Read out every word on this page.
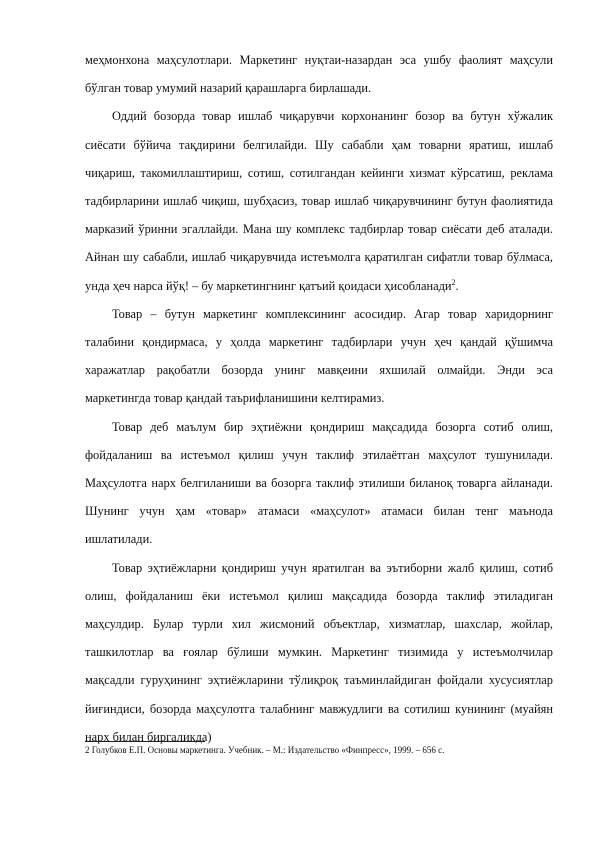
меҳмонхона маҳсулотлари. Маркетинг нуқтаи-назардан эса ушбу фаолият маҳсули бўлган товар умумий назарий қарашларга бирлашади.

Оддий бозорда товар ишлаб чиқарувчи корхонанинг бозор ва бутун хўжалик сиёсати бўйича тақдирини белгилайди. Шу сабабли ҳам товарни яратиш, ишлаб чиқариш, такомиллаштириш, сотиш, сотилгандан кейинги хизмат кўрсатиш, реклама тадбирларини ишлаб чиқиш, шубҳасиз, товар ишлаб чиқарувчининг бутун фаолиятида марказий ўринни эгаллайди. Мана шу комплекс тадбирлар товар сиёсати деб аталади. Айнан шу сабабли, ишлаб чиқарувчида истеъмолга қаратилган сифатли товар бўлмаса, унда ҳеч нарса йўқ! – бу маркетингнинг қатъий қоидаси ҳисобланади$^2$.

Товар – бутун маркетинг комплексининг асосидир. Агар товар харидорнинг талабини қондирмаса, у ҳолда маркетинг тадбирлари учун ҳеч қандай қўшимча харажатлар рақобатли бозорда унинг мавқеини яхшилай олмайди. Энди эса маркетингда товар қандай таърифланишини келтирамиз.

Товар деб маълум бир эҳтиёжни қондириш мақсадида бозорга сотиб олиш, фойдаланиш ва истеъмол қилиш учун таклиф этилаётган маҳсулот тушунилади. Маҳсулотга нарх белгиланиши ва бозорга таклиф этилиши биланоқ товарга айланади. Шунинг учун ҳам «товар» атамаси «маҳсулот» атамаси билан тенг маънода ишлатилади.

Товар эҳтиёжларни қондириш учун яратилган ва эътиборни жалб қилиш, сотиб олиш, фойдаланиш ёки истеъмол қилиш мақсадида бозорда таклиф этиладиган маҳсулдир. Булар турли хил жисмоний объектлар, хизматлар, шахслар, жойлар, ташкилотлар ва ғоялар бўлиши мумкин. Маркетинг тизимида у истеъмолчилар мақсадли гуруҳининг эҳтиёжларини тўлиқроқ таъминлайдиган фойдали хусусиятлар йиғиндиси, бозорда маҳсулотга талабнинг мавжудлиги ва сотилиш кунининг (муайян нарх билан биргаликда)

2 Голубков Е.П. Основы маркетинга. Учебник. – М.: Издательство «Финпресс», 1999. – 656 с.
